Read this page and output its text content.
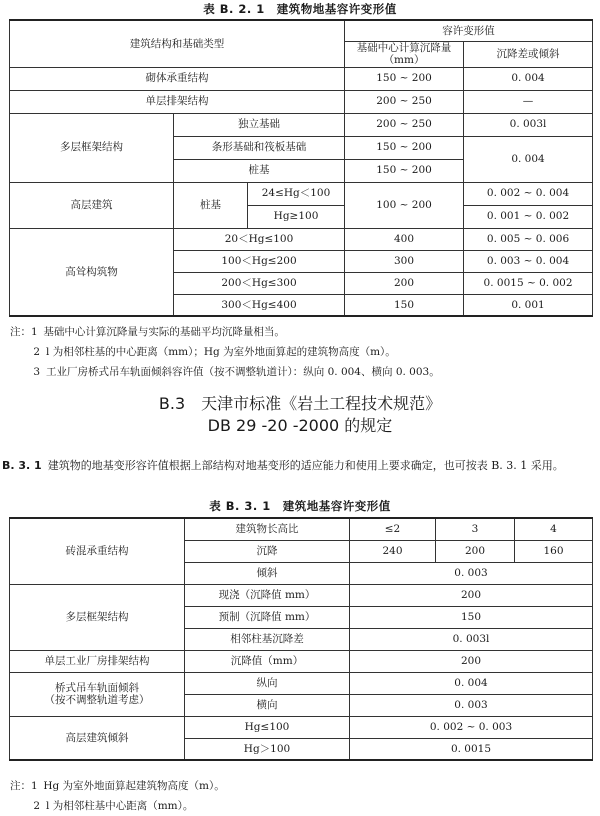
表 B. 2. 1　建筑物地基容许变形值
建筑结构和基础类型			容许变形值	
			基础中心计算沉降量（mm）	沉降差或倾斜
砌体承重结构			150 ~ 200	0. 004
单层排架结构			200 ~ 250	—
多层框架结构	独立基础		200 ~ 250	0. 003l
	条形基础和筏板基础		150 ~ 200	0. 004
	桩基		150 ~ 200	
高层建筑	桩基	24≤Hg＜100	100 ~ 200	0. 002 ~ 0. 004
		Hg≥100		0. 001 ~ 0. 002
高耸构筑物	20＜Hg≤100		400	0. 005 ~ 0. 006
	100＜Hg≤200		300	0. 003 ~ 0. 004
	200＜Hg≤300		200	0. 0015 ~ 0. 002
	300＜Hg≤400		150	0. 001
注：1 基础中心计算沉降量与实际的基础平均沉降量相当。
2 l 为相邻柱基的中心距离（mm）；Hg 为室外地面算起的建筑物高度（m）。
3 工业厂房桥式吊车轨面倾斜容许值（按不调整轨道计）：纵向 0. 004、横向 0. 003。
B.3　天津市标准《岩土工程技术规范》
DB 29 -20 -2000 的规定
B. 3. 1 建筑物的地基变形容许值根据上部结构对地基变形的适应能力和使用上要求确定，也可按表 B. 3. 1 采用。
表 B. 3. 1　建筑地基容许变形值
砖混承重结构	建筑物长高比	≤2	3	4
	沉降	240	200	160
	倾斜	0. 003		
多层框架结构	现浇（沉降值 mm）	200		
	预制（沉降值 mm）	150		
	相邻柱基沉降差	0. 003l		
单层工业厂房排架结构	沉降值（mm）	200		

桥式吊车轨面倾斜
（按不调整轨道考虑）	纵向	0. 004		
	横向	0. 003		
高层建筑倾斜	Hg≤100	0. 002 ~ 0. 003		
	Hg＞100	0. 0015		
注：1 Hg 为室外地面算起建筑物高度（m）。
2 l 为相邻柱基中心距离（mm）。
